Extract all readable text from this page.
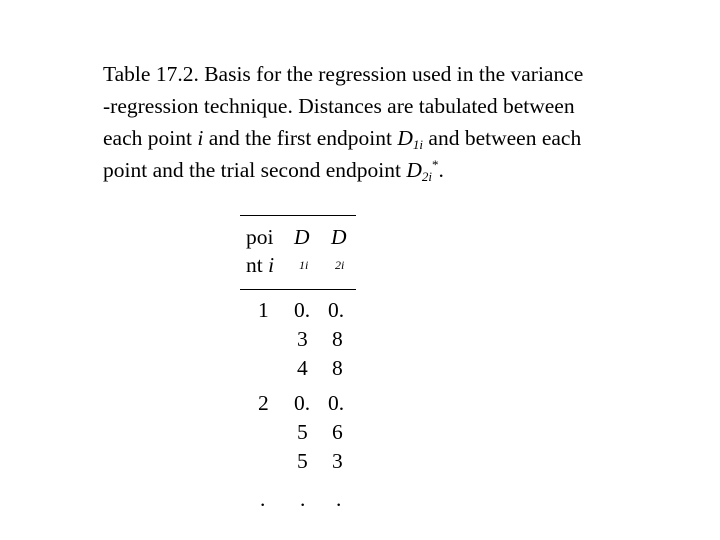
Table 17.2. Basis for the regression used in the variance
-regression technique. Distances are tabulated between
each point i and the first endpoint $D_{1i}$ and between each
point and the trial second endpoint $D_{2i}^*$.
poi
nt i
D
1i
D
2i
1 0.
3
4
0.
8
8
2 0.
5
5
0.
6
3
. . .
